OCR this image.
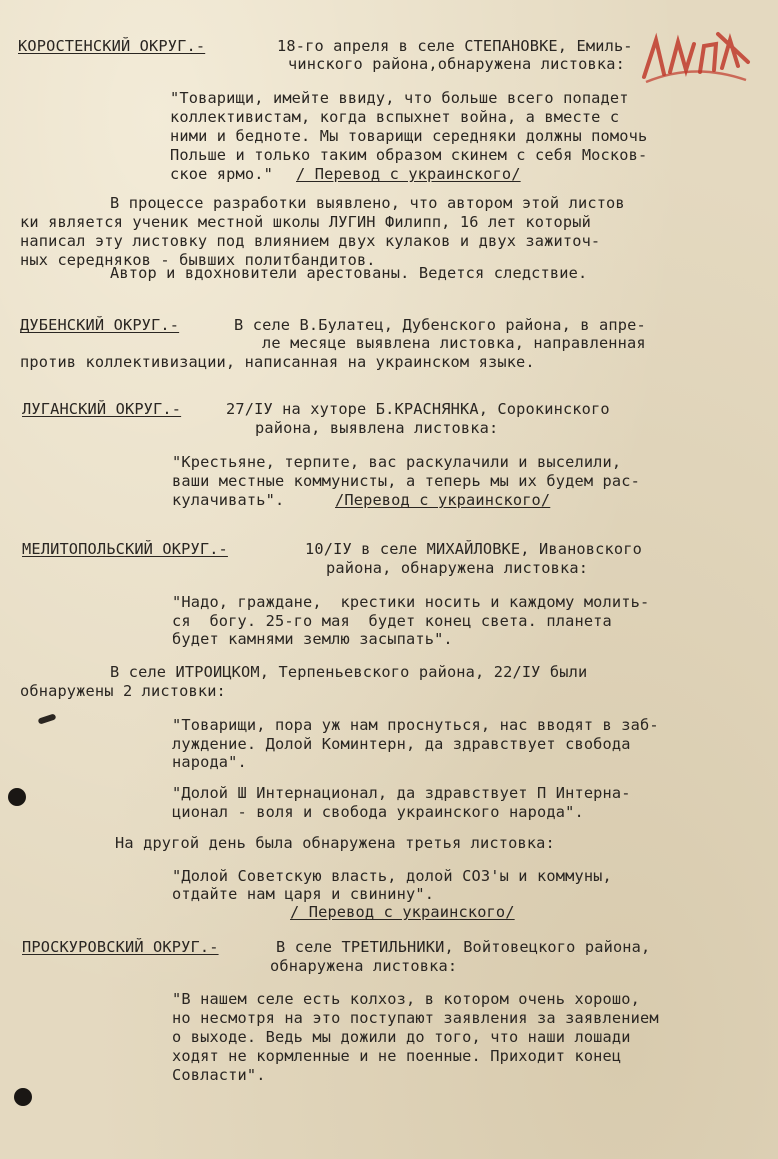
КОРОСТЕНСКИЙ ОКРУГ.-	18-го апреля в селе СТЕПАНОВКЕ, Емиль-
чинского района,обнаружена листовка:
"Товарищи, имейте ввиду, что больше всего попадет
коллективистам, когда вспыхнет война, а вместе с
ними и бедноте. Мы товарищи середняки должны помочь
Польше и только таким образом скинем с себя Москов-
ское ярмо." / Перевод с украинского/
В процессе разработки выявлено, что автором этой листов
ки является ученик местной школы ЛУГИН Филипп, 16 лет который
написал эту листовку под влиянием двух кулаков и двух зажиточ-
ных середняков - бывших политбандитов.
Автор и вдохновители арестованы. Ведется следствие.
ДУБЕНСКИЙ ОКРУГ.-	В селе В.Булатец, Дубенского района, в апре-
ле месяце выявлена листовка, направленная
против коллективизации, написанная на украинском языке.
ЛУГАНСКИЙ ОКРУГ.-	27/IУ на хуторе Б.КРАСНЯНКА, Сорокинского
района, выявлена листовка:
"Крестьяне, терпите, вас раскулачили и выселили,
ваши местные коммунисты, а теперь мы их будем рас-
кулачивать".	/Перевод с украинского/
МЕЛИТОПОЛЬСКИЙ ОКРУГ.-	10/IУ в селе МИХАЙЛОВКЕ, Ивановского
района, обнаружена листовка:
"Надо, граждане,  крестики носить и каждому молить-
ся  богу. 25-го мая  будет конец света. планета
будет камнями землю засыпать".
В селе ИТРОИЦКОМ, Терпеньевского района, 22/IУ были
обнаружены 2 листовки:
"Товарищи, пора уж нам проснуться, нас вводят в заб-
луждение. Долой Коминтерн, да здравствует свобода
народа".
"Долой Ш Интернационал, да здравствует П Интерна-
ционал - воля и свобода украинского народа".
На другой день была обнаружена третья листовка:
"Долой Советскую власть, долой СОЗ'ы и коммуны,
отдайте нам царя и свинину".
/ Перевод с украинского/
ПРОСКУРОВСКИЙ ОКРУГ.-	В селе ТРЕТИЛЬНИКИ, Войтовецкого района,
обнаружена листовка:
"В нашем селе есть колхоз, в котором очень хорошо,
но несмотря на это поступают заявления за заявлением
о выходе. Ведь мы дожили до того, что наши лошади
ходят не кормленные и не поенные. Приходит конец
Совласти".
